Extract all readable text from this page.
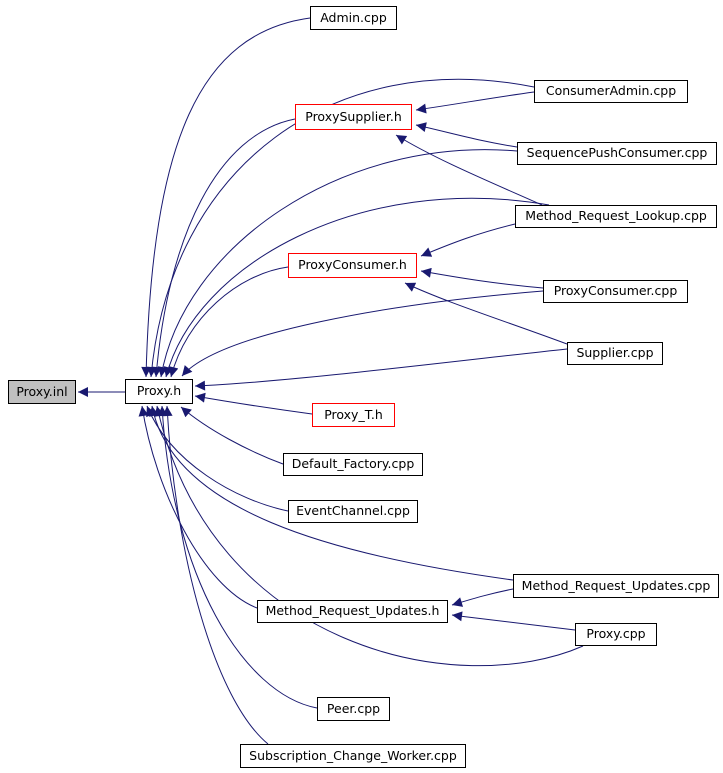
Proxy.inl	Proxy.h
Admin.cpp
ConsumerAdmin.cpp
ProxySupplier.h
SequencePushConsumer.cpp
Method_Request_Lookup.cpp
ProxyConsumer.h
ProxyConsumer.cpp
Supplier.cpp
Proxy_T.h
Default_Factory.cpp
EventChannel.cpp
Method_Request_Updates.cpp
Method_Request_Updates.h
Proxy.cpp
Peer.cpp
Subscription_Change_Worker.cpp
